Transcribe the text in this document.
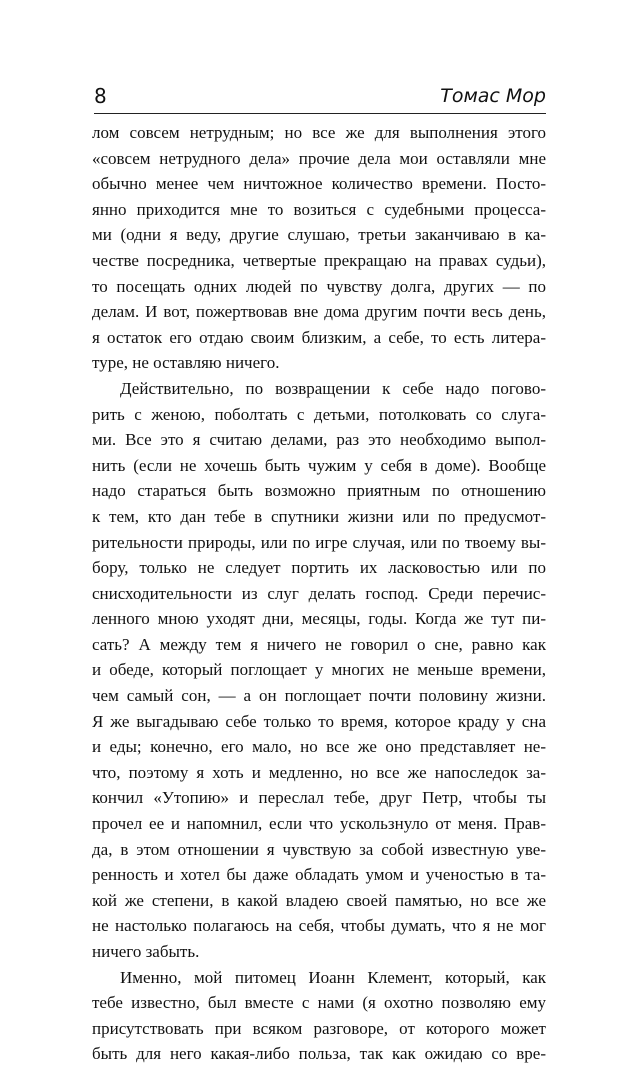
8	Томас Мор
лом совсем нетрудным; но все же для выполнения этого
«совсем нетрудного дела» прочие дела мои оставляли мне
обычно менее чем ничтожное количество времени. Посто-
янно приходится мне то возиться с судебными процесса-
ми (одни я веду, другие слушаю, третьи заканчиваю в ка-
честве посредника, четвертые прекращаю на правах судьи),
то посещать одних людей по чувству долга, других — по
делам. И вот, пожертвовав вне дома другим почти весь день,
я остаток его отдаю своим близким, а себе, то есть литера-
туре, не оставляю ничего.
Действительно, по возвращении к себе надо погово-
рить с женою, поболтать с детьми, потолковать со слуга-
ми. Все это я считаю делами, раз это необходимо выпол-
нить (если не хочешь быть чужим у себя в доме). Вообще
надо стараться быть возможно приятным по отношению
к тем, кто дан тебе в спутники жизни или по предусмот-
рительности природы, или по игре случая, или по твоему вы-
бору, только не следует портить их ласковостью или по
снисходительности из слуг делать господ. Среди перечис-
ленного мною уходят дни, месяцы, годы. Когда же тут пи-
сать? А между тем я ничего не говорил о сне, равно как
и обеде, который поглощает у многих не меньше времени,
чем самый сон, — а он поглощает почти половину жизни.
Я же выгадываю себе только то время, которое краду у сна
и еды; конечно, его мало, но все же оно представляет не-
что, поэтому я хоть и медленно, но все же напоследок за-
кончил «Утопию» и переслал тебе, друг Петр, чтобы ты
прочел ее и напомнил, если что ускользнуло от меня. Прав-
да, в этом отношении я чувствую за собой известную уве-
ренность и хотел бы даже обладать умом и ученостью в та-
кой же степени, в какой владею своей памятью, но все же
не настолько полагаюсь на себя, чтобы думать, что я не мог
ничего забыть.
Именно, мой питомец Иоанн Клемент, который, как
тебе известно, был вместе с нами (я охотно позволяю ему
присутствовать при всяком разговоре, от которого может
быть для него какая-либо польза, так как ожидаю со вре-
